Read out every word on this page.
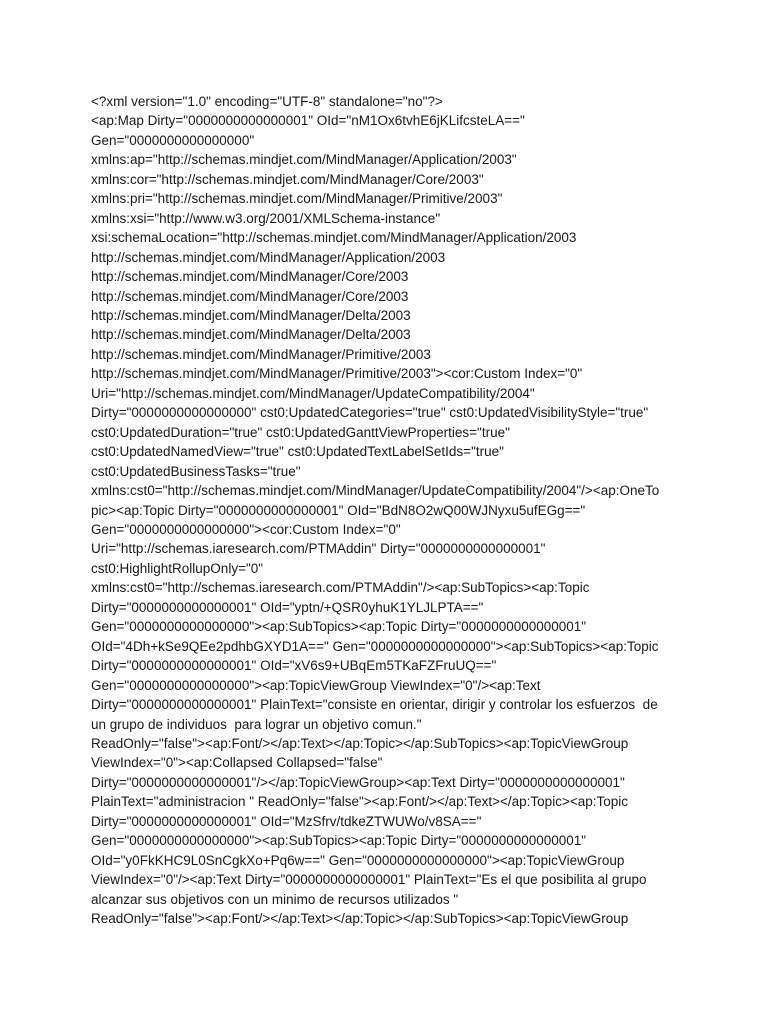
<?xml version="1.0" encoding="UTF-8" standalone="no"?>
<ap:Map Dirty="0000000000000001" OId="nM1Ox6tvhE6jKLifcsteLA=="
Gen="0000000000000000"
xmlns:ap="http://schemas.mindjet.com/MindManager/Application/2003"
xmlns:cor="http://schemas.mindjet.com/MindManager/Core/2003"
xmlns:pri="http://schemas.mindjet.com/MindManager/Primitive/2003"
xmlns:xsi="http://www.w3.org/2001/XMLSchema-instance"
xsi:schemaLocation="http://schemas.mindjet.com/MindManager/Application/2003
http://schemas.mindjet.com/MindManager/Application/2003
http://schemas.mindjet.com/MindManager/Core/2003
http://schemas.mindjet.com/MindManager/Core/2003
http://schemas.mindjet.com/MindManager/Delta/2003
http://schemas.mindjet.com/MindManager/Delta/2003
http://schemas.mindjet.com/MindManager/Primitive/2003
http://schemas.mindjet.com/MindManager/Primitive/2003"><cor:Custom Index="0"
Uri="http://schemas.mindjet.com/MindManager/UpdateCompatibility/2004"
Dirty="0000000000000000" cst0:UpdatedCategories="true" cst0:UpdatedVisibilityStyle="true"
cst0:UpdatedDuration="true" cst0:UpdatedGanttViewProperties="true"
cst0:UpdatedNamedView="true" cst0:UpdatedTextLabelSetIds="true"
cst0:UpdatedBusinessTasks="true"
xmlns:cst0="http://schemas.mindjet.com/MindManager/UpdateCompatibility/2004"/><ap:OneTo
pic><ap:Topic Dirty="0000000000000001" OId="BdN8O2wQ00WJNyxu5ufEGg=="
Gen="0000000000000000"><cor:Custom Index="0"
Uri="http://schemas.iaresearch.com/PTMAddin" Dirty="0000000000000001"
cst0:HighlightRollupOnly="0"
xmlns:cst0="http://schemas.iaresearch.com/PTMAddin"/><ap:SubTopics><ap:Topic
Dirty="0000000000000001" OId="yptn/+QSR0yhuK1YLJLPTA=="
Gen="0000000000000000"><ap:SubTopics><ap:Topic Dirty="0000000000000001"
OId="4Dh+kSe9QEe2pdhbGXYD1A==" Gen="0000000000000000"><ap:SubTopics><ap:Topic
Dirty="0000000000000001" OId="xV6s9+UBqEm5TKaFZFruUQ=="
Gen="0000000000000000"><ap:TopicViewGroup ViewIndex="0"/><ap:Text
Dirty="0000000000000001" PlainText="consiste en orientar, dirigir y controlar los esfuerzos  de
un grupo de individuos  para lograr un objetivo comun."
ReadOnly="false"><ap:Font/></ap:Text></ap:Topic></ap:SubTopics><ap:TopicViewGroup
ViewIndex="0"><ap:Collapsed Collapsed="false"
Dirty="0000000000000001"/></ap:TopicViewGroup><ap:Text Dirty="0000000000000001"
PlainText="administracion " ReadOnly="false"><ap:Font/></ap:Text></ap:Topic><ap:Topic
Dirty="0000000000000001" OId="MzSfrv/tdkeZTWUWo/v8SA=="
Gen="0000000000000000"><ap:SubTopics><ap:Topic Dirty="0000000000000001"
OId="y0FkKHC9L0SnCgkXo+Pq6w==" Gen="0000000000000000"><ap:TopicViewGroup
ViewIndex="0"/><ap:Text Dirty="0000000000000001" PlainText="Es el que posibilita al grupo
alcanzar sus objetivos con un minimo de recursos utilizados "
ReadOnly="false"><ap:Font/></ap:Text></ap:Topic></ap:SubTopics><ap:TopicViewGroup
